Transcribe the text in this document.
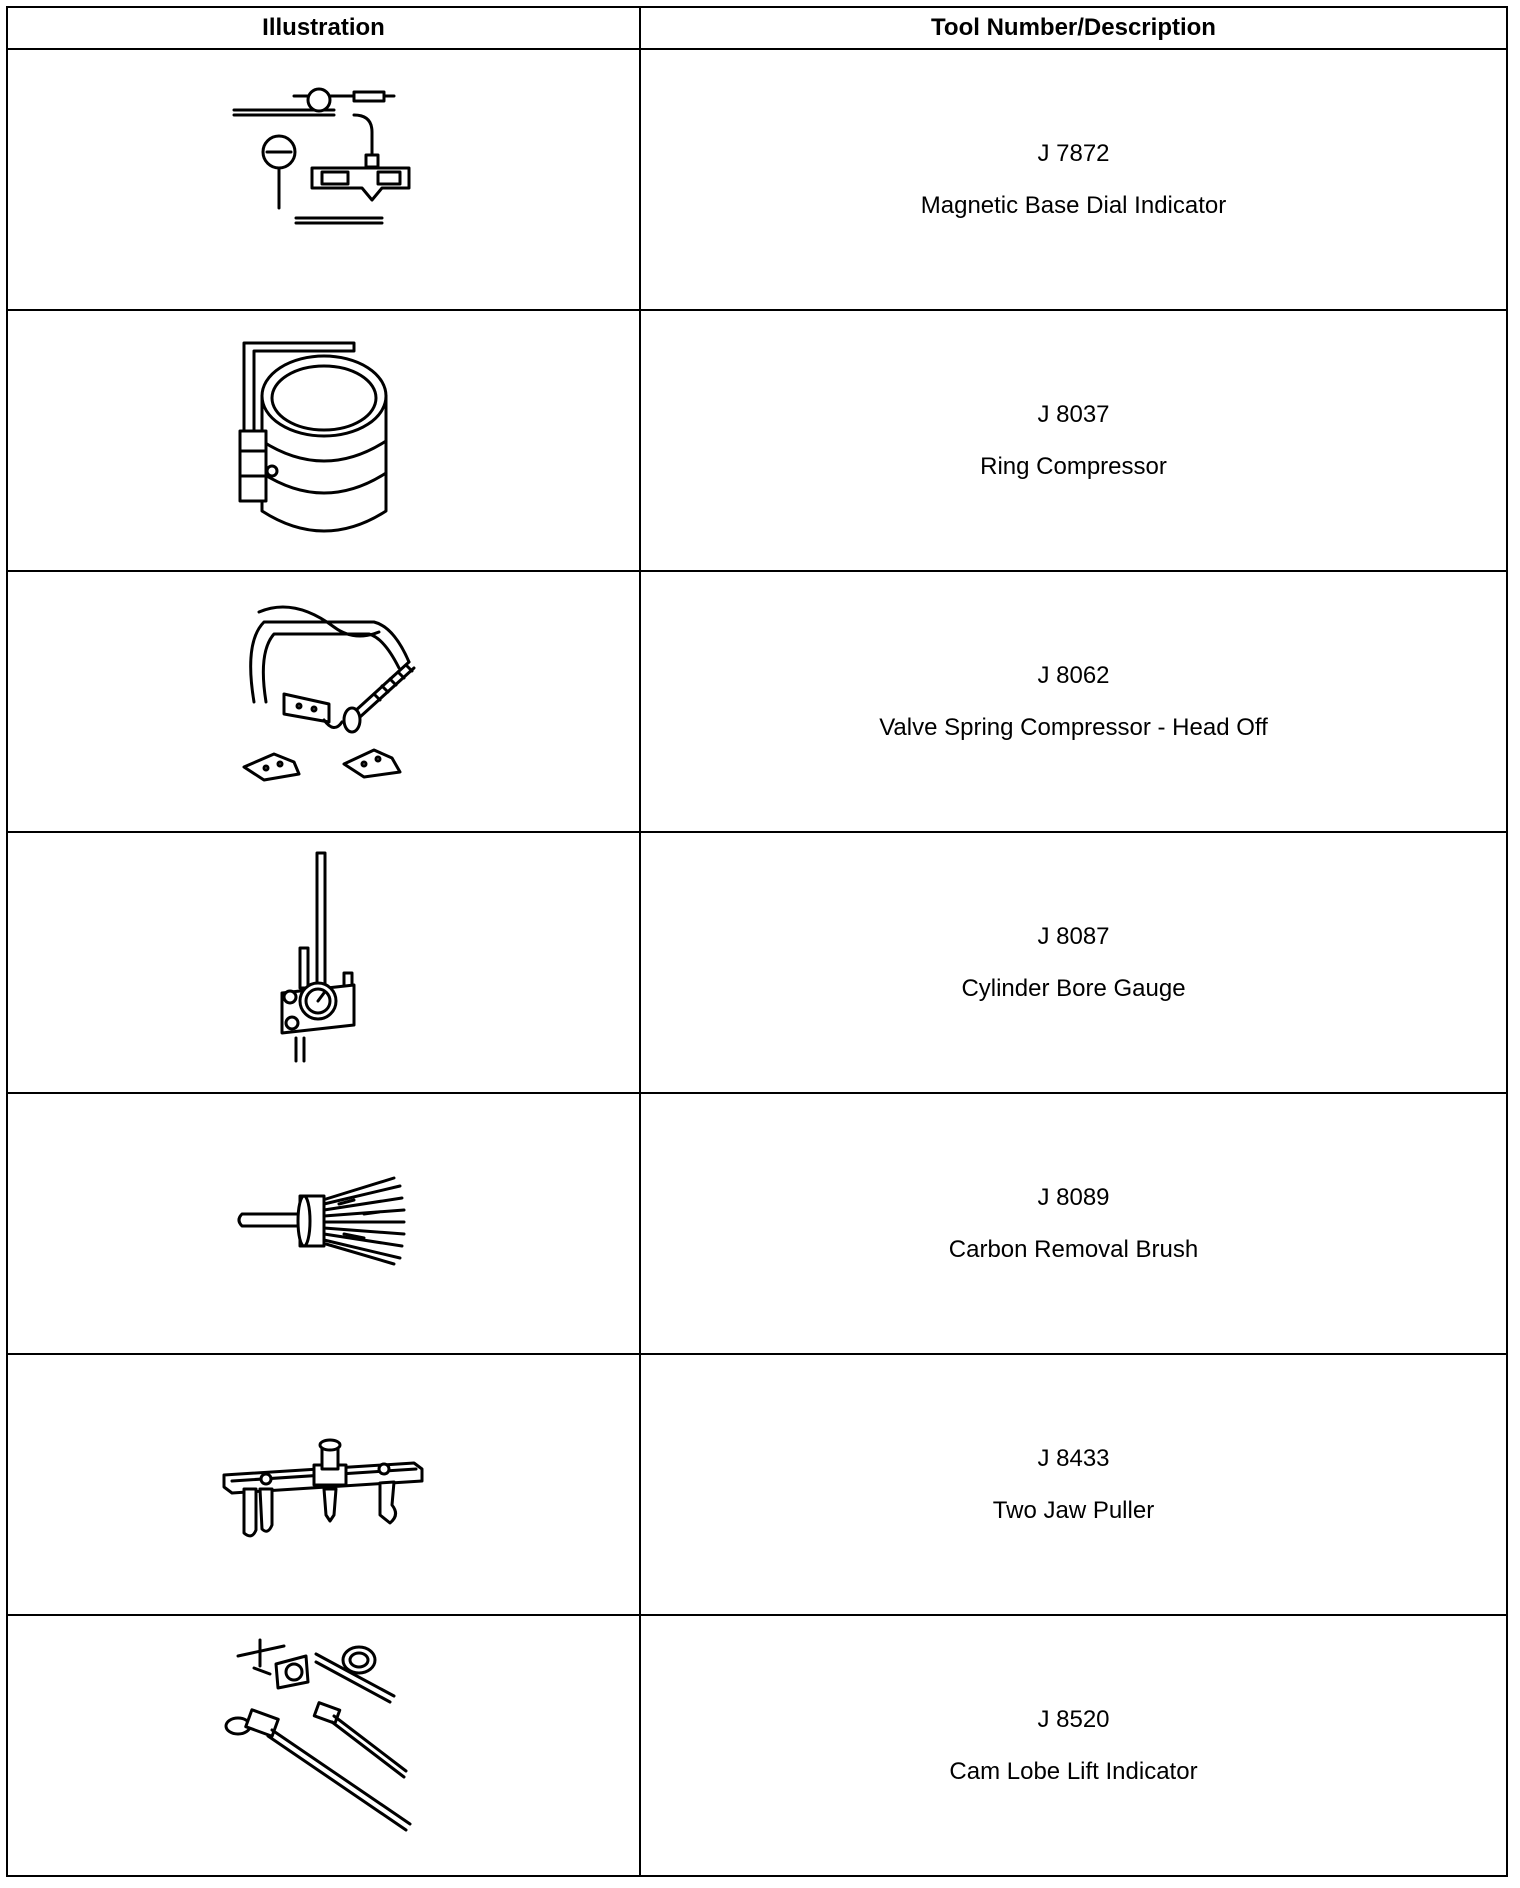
Illustration	Tool Number/Description

J 7872
Magnetic Base Dial Indicator

J 8037
Ring Compressor

J 8062
Valve Spring Compressor - Head Off

J 8087
Cylinder Bore Gauge

J 8089
Carbon Removal Brush

J 8433
Two Jaw Puller

J 8520
Cam Lobe Lift Indicator
